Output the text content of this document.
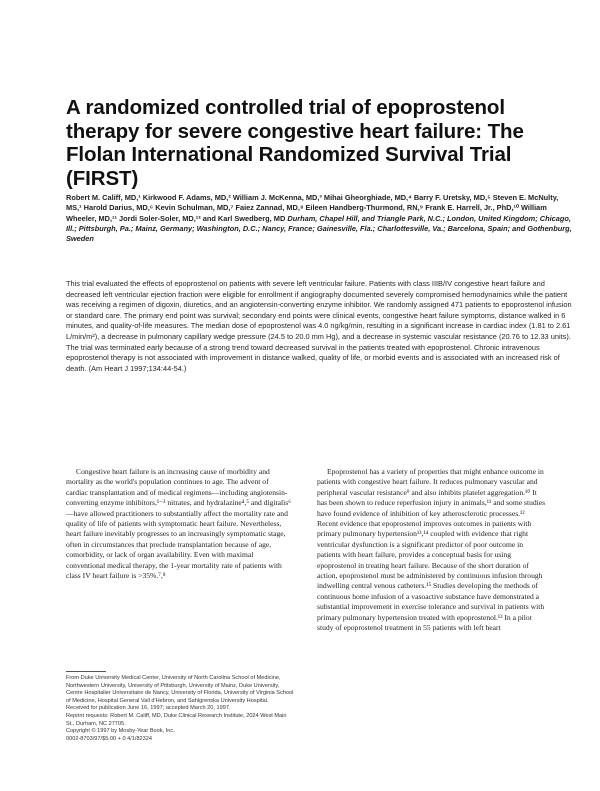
A randomized controlled trial of epoprostenol therapy for severe congestive heart failure: The Flolan International Randomized Survival Trial (FIRST)

Robert M. Califf, MD,¹ Kirkwood F. Adams, MD,² William J. McKenna, MD,³ Mihai Gheorghiade, MD,⁴ Barry F. Uretsky, MD,⁵ Steven E. McNulty, MS,¹ Harold Darius, MD,⁶ Kevin Schulman, MD,⁷ Faiez Zannad, MD,⁸ Eileen Handberg-Thurmond, RN,⁹ Frank E. Harrell, Jr., PhD,¹⁰ William Wheeler, MD,¹¹ Jordi Soler-Soler, MD,¹² and Karl Swedberg, MD Durham, Chapel Hill, and Triangle Park, N.C.; London, United Kingdom; Chicago, Ill.; Pittsburgh, Pa.; Mainz, Germany; Washington, D.C.; Nancy, France; Gainesville, Fla.; Charlottesville, Va.; Barcelona, Spain; and Gothenburg, Sweden

This trial evaluated the effects of epoprostenol on patients with severe left ventricular failure. Patients with class IIIB/IV congestive heart failure and decreased left ventricular ejection fraction were eligible for enrollment if angiography documented severely compromised hemodynamics while the patient was receiving a regimen of digoxin, diuretics, and an angiotensin-converting enzyme inhibitor. We randomly assigned 471 patients to epoprostenol infusion or standard care. The primary end point was survival; secondary end points were clinical events, congestive heart failure symptoms, distance walked in 6 minutes, and quality-of-life measures. The median dose of epoprostenol was 4.0 ng/kg/min, resulting in a significant increase in cardiac index (1.81 to 2.61 L/min/m²), a decrease in pulmonary capillary wedge pressure (24.5 to 20.0 mm Hg), and a decrease in systemic vascular resistance (20.76 to 12.33 units). The trial was terminated early because of a strong trend toward decreased survival in the patients treated with epoprostenol. Chronic intravenous epoprostenol therapy is not associated with improvement in distance walked, quality of life, or morbid events and is associated with an increased risk of death. (Am Heart J 1997;134:44-54.)

Congestive heart failure is an increasing cause of morbidity and mortality as the world's population continues to age. The advent of cardiac transplantation and of medical regimens—including angiotensin-converting enzyme inhibitors,¹⁻³ nitrates, and hydralazine⁴,⁵ and digitalis⁶—have allowed practitioners to substantially affect the mortality rate and quality of life of patients with symptomatic heart failure. Nevertheless, heart failure inevitably progresses to an increasingly symptomatic stage, often in circumstances that preclude transplantation because of age, comorbidity, or lack of organ availability. Even with maximal conventional medical therapy, the 1-year mortality rate of patients with class IV heart failure is >35%.⁷,⁸

Epoprostenol has a variety of properties that might enhance outcome in patients with congestive heart failure. It reduces pulmonary vascular and peripheral vascular resistance⁹ and also inhibits platelet aggregation.¹⁰ It has been shown to reduce reperfusion injury in animals,¹¹ and some studies have found evidence of inhibition of key atherosclerotic processes.¹² Recent evidence that epoprostenol improves outcomes in patients with primary pulmonary hypertension¹³,¹⁴ coupled with evidence that right ventricular dysfunction is a significant predictor of poor outcome in patients with heart failure, provides a conceptual basis for using epoprostenol in treating heart failure. Because of the short duration of action, epoprostenol must be administered by continuous infusion through indwelling central venous catheters.¹⁵ Studies developing the methods of continuous home infusion of a vasoactive substance have demonstrated a substantial improvement in exercise tolerance and survival in patients with primary pulmonary hypertension treated with epoprostenol.¹³ In a pilot study of epoprostenol treatment in 55 patients with left heart

From Duke University Medical Center, University of North Carolina School of Medicine, Northwestern University, University of Pittsburgh, University of Mainz, Duke University, Centre Hospitalier Universitaire de Nancy, University of Florida, University of Virginia School of Medicine, Hospital General Vall d'Hebron, and Sahlgrenska University Hospital.
Received for publication June 16, 1997; accepted March 20, 1997.
Reprint requests: Robert M. Califf, MD, Duke Clinical Research Institute, 2024 West Main St., Durham, NC 27705.
Copyright © 1997 by Mosby-Year Book, Inc.
0002-8703/97/$5.00 + 0 4/1/82324
